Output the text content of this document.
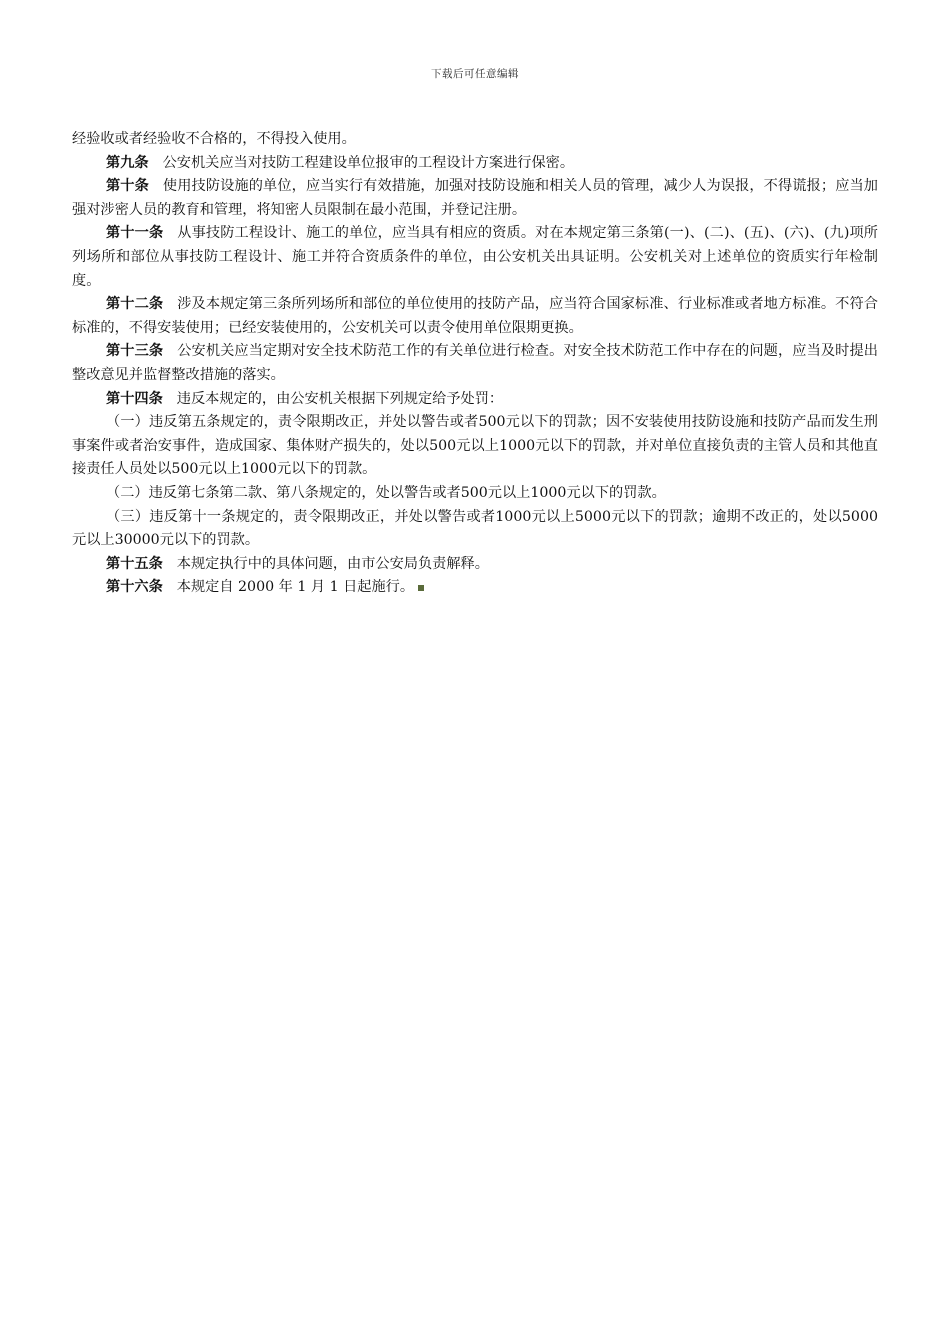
下载后可任意编辑

经验收或者经验收不合格的，不得投入使用。

第九条 公安机关应当对技防工程建设单位报审的工程设计方案进行保密。

第十条 使用技防设施的单位，应当实行有效措施，加强对技防设施和相关人员的管理，减少人为误报，不得谎报；应当加强对涉密人员的教育和管理，将知密人员限制在最小范围，并登记注册。

第十一条 从事技防工程设计、施工的单位，应当具有相应的资质。对在本规定第三条第(一)、(二)、(五)、(六)、(九)项所列场所和部位从事技防工程设计、施工并符合资质条件的单位，由公安机关出具证明。公安机关对上述单位的资质实行年检制度。

第十二条 涉及本规定第三条所列场所和部位的单位使用的技防产品，应当符合国家标准、行业标准或者地方标准。不符合标准的，不得安装使用；已经安装使用的，公安机关可以责令使用单位限期更换。

第十三条 公安机关应当定期对安全技术防范工作的有关单位进行检查。对安全技术防范工作中存在的问题，应当及时提出整改意见并监督整改措施的落实。

第十四条 违反本规定的，由公安机关根据下列规定给予处罚：

（一）违反第五条规定的，责令限期改正，并处以警告或者500元以下的罚款；因不安装使用技防设施和技防产品而发生刑事案件或者治安事件，造成国家、集体财产损失的，处以500元以上1000元以下的罚款，并对单位直接负责的主管人员和其他直接责任人员处以500元以上1000元以下的罚款。

（二）违反第七条第二款、第八条规定的，处以警告或者500元以上1000元以下的罚款。

（三）违反第十一条规定的，责令限期改正，并处以警告或者1000元以上5000元以下的罚款；逾期不改正的，处以5000元以上30000元以下的罚款。

第十五条 本规定执行中的具体问题，由市公安局负责解释。

第十六条 本规定自 2000 年 1 月 1 日起施行。
